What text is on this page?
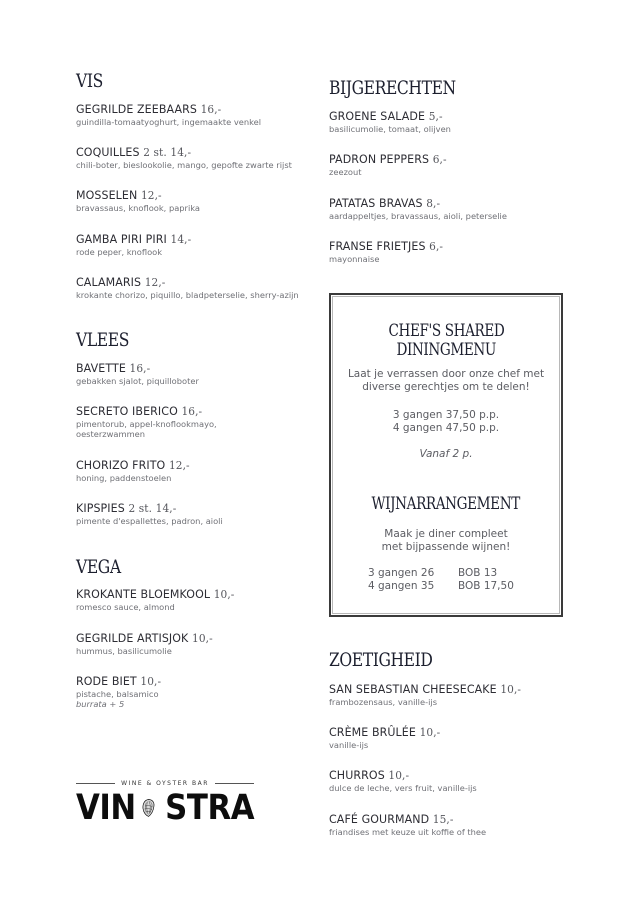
VIS
GEGRILDE ZEEBAARS 16,-
guindilla-tomaatyoghurt, ingemaakte venkel
COQUILLES 2 st. 14,-
chili-boter, bieslookolie, mango, gepofte zwarte rijst
MOSSELEN 12,-
bravassaus, knoflook, paprika
GAMBA PIRI PIRI 14,-
rode peper, knoflook
CALAMARIS 12,-
krokante chorizo, piquillo, bladpeterselie, sherry-azijn
VLEES
BAVETTE 16,-
gebakken sjalot, piquilloboter
SECRETO IBERICO 16,-
pimentorub, appel-knoflookmayo, oesterzwammen
CHORIZO FRITO 12,-
honing, paddenstoelen
KIPSPIES 2 st. 14,-
pimente d'espallettes, padron, aioli
VEGA
KROKANTE BLOEMKOOL 10,-
romesco sauce, almond
GEGRILDE ARTISJOK 10,-
hummus, basilicumolie
RODE BIET 10,-
pistache, balsamico
burrata + 5
WINE & OYSTER BAR
VIN STRA
BIJGERECHTEN
GROENE SALADE 5,-
basilicumolie, tomaat, olijven
PADRON PEPPERS 6,-
zeezout
PATATAS BRAVAS 8,-
aardappeltjes, bravassaus, aioli, peterselie
FRANSE FRIETJES 6,-
mayonnaise
ZOETIGHEID
SAN SEBASTIAN CHEESECAKE 10,-
frambozensaus, vanille-ijs
CRÈME BRÛLÉE 10,-
vanille-ijs
CHURROS 10,-
dulce de leche, vers fruit, vanille-ijs
CAFÉ GOURMAND 15,-
friandises met keuze uit koffie of thee
CHEF'S SHARED
DININGMENU
Laat je verrassen door onze chef met
diverse gerechtjes om te delen!
3 gangen 37,50 p.p.
4 gangen 47,50 p.p.
Vanaf 2 p.
WIJNARRANGEMENT
Maak je diner compleet
met bijpassende wijnen!
3 gangen 26	BOB 13
4 gangen 35	BOB 17,50
